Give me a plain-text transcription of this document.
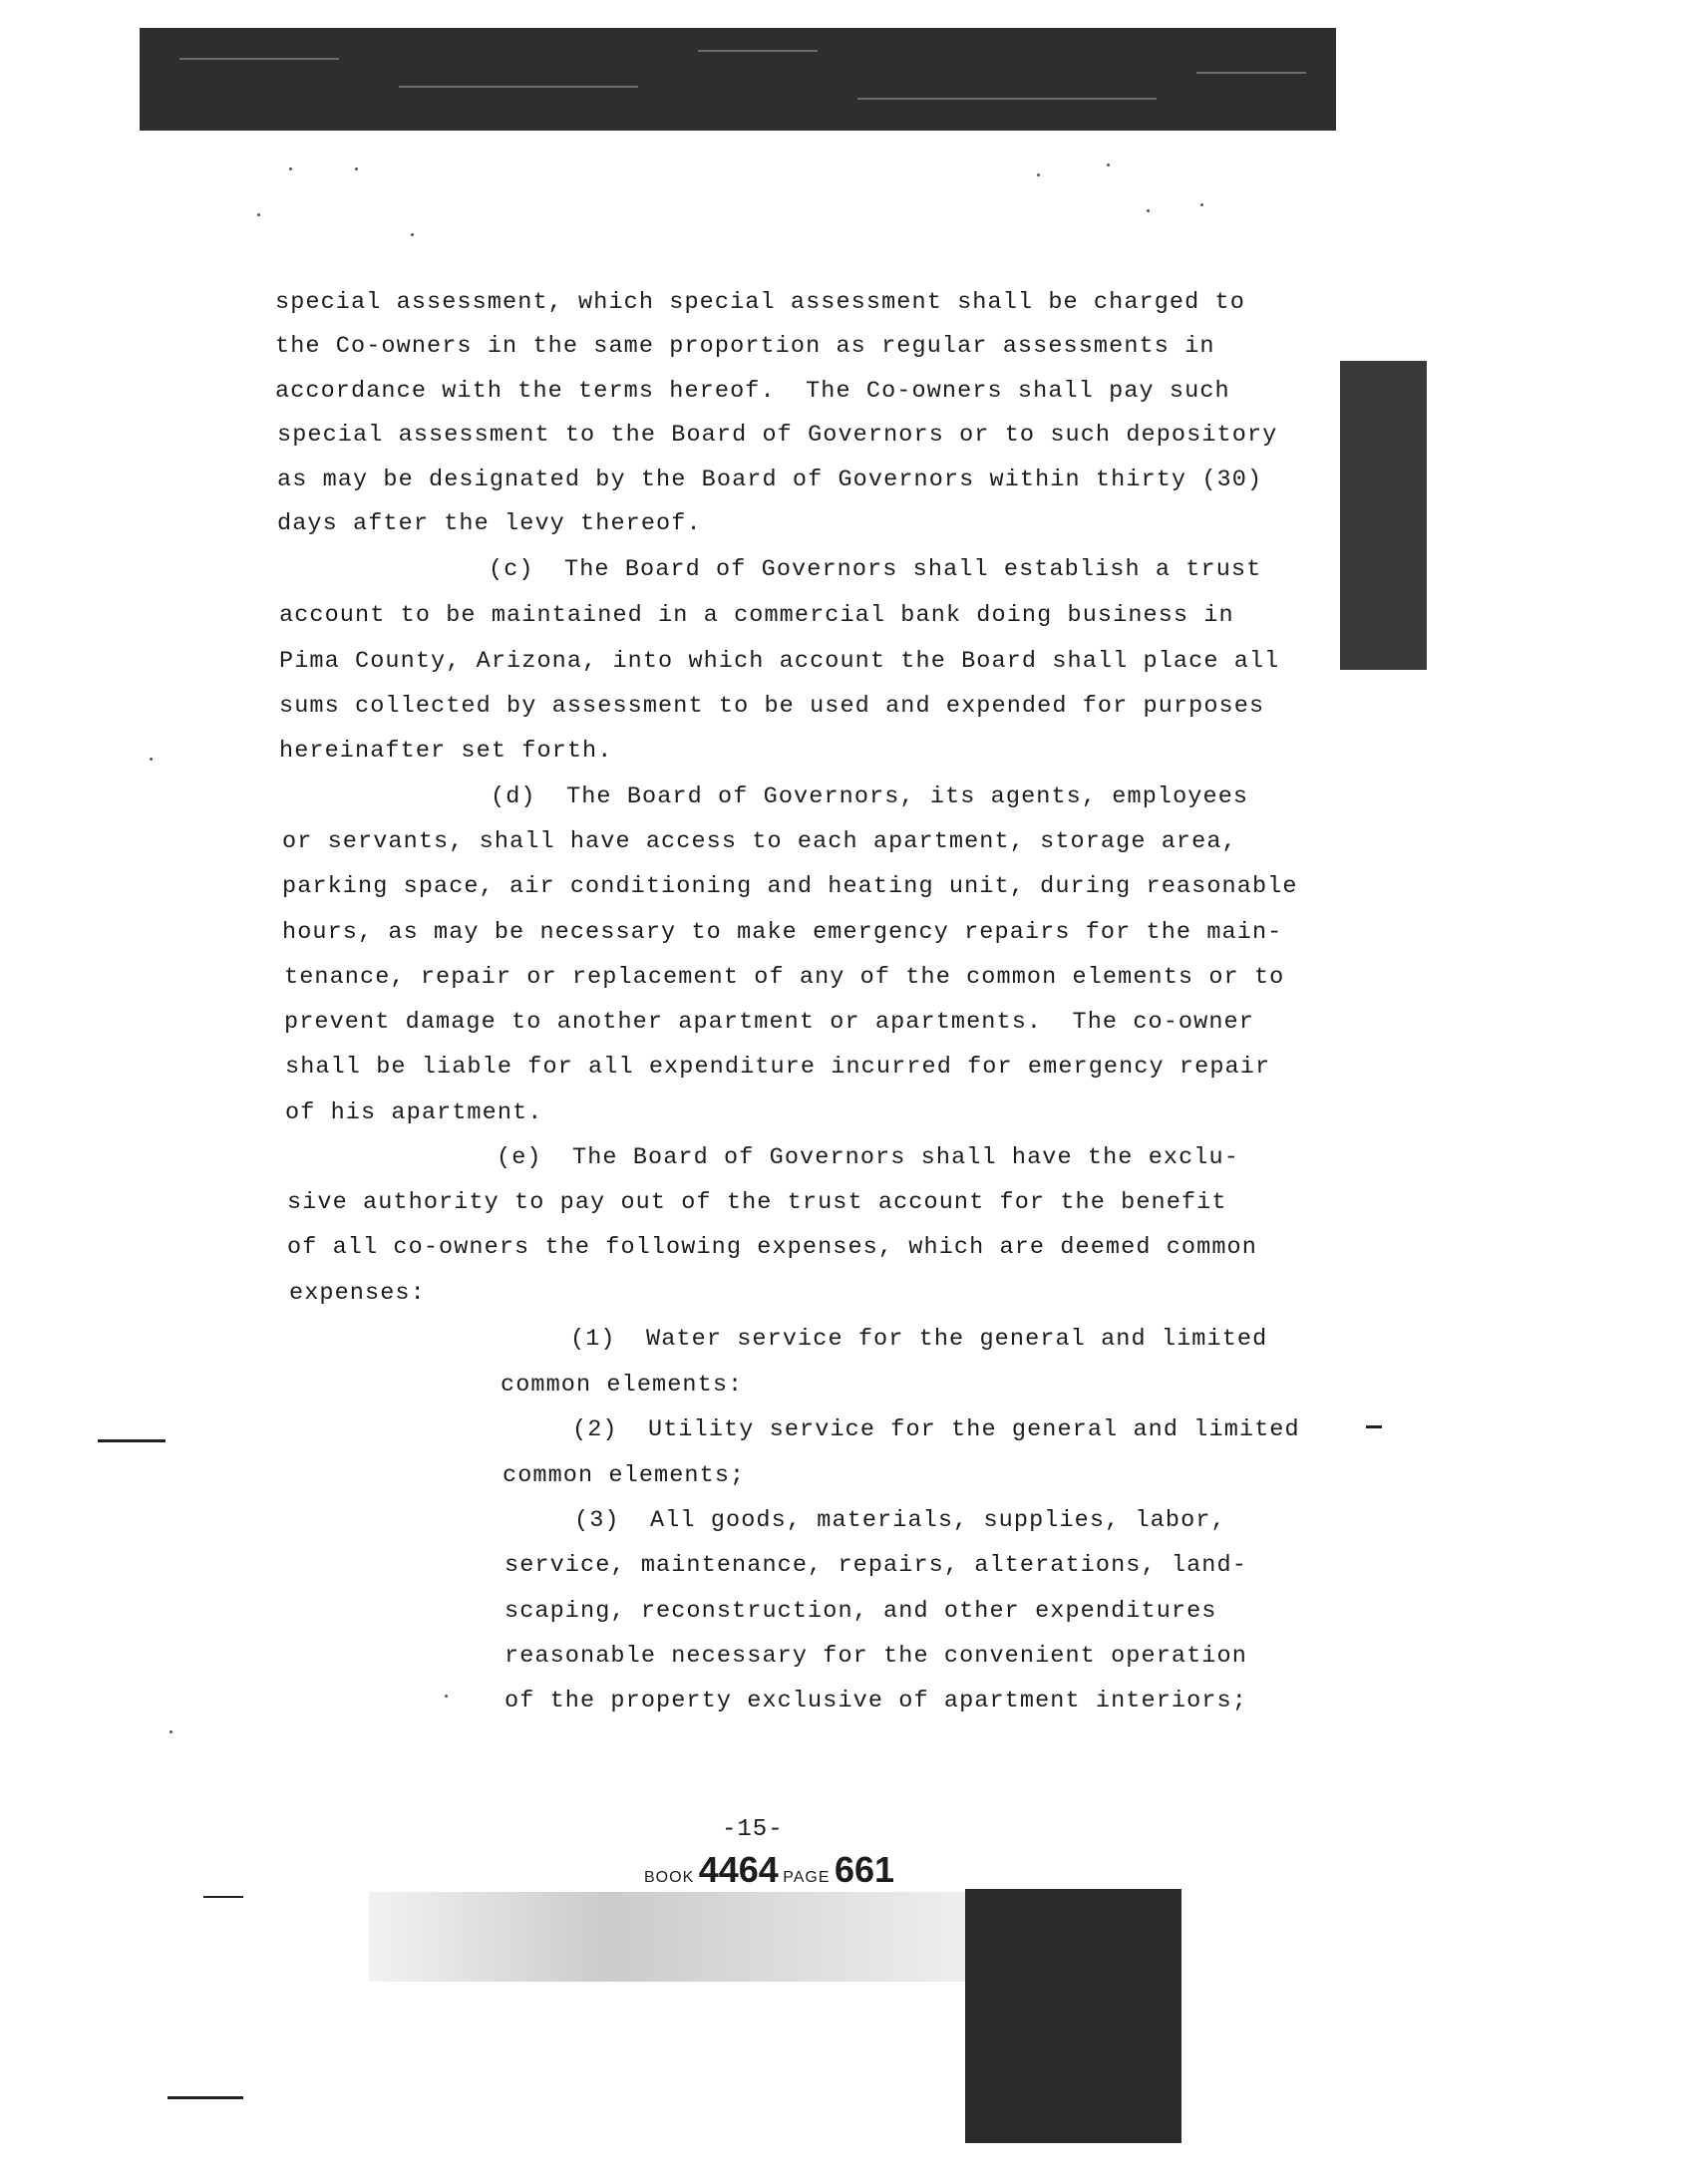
special assessment, which special assessment shall be charged to
the Co-owners in the same proportion as regular assessments in
accordance with the terms hereof.  The Co-owners shall pay such
special assessment to the Board of Governors or to such depository
as may be designated by the Board of Governors within thirty (30)
days after the levy thereof.
(c)  The Board of Governors shall establish a trust
account to be maintained in a commercial bank doing business in
Pima County, Arizona, into which account the Board shall place all
sums collected by assessment to be used and expended for purposes
hereinafter set forth.
(d)  The Board of Governors, its agents, employees
or servants, shall have access to each apartment, storage area,
parking space, air conditioning and heating unit, during reasonable
hours, as may be necessary to make emergency repairs for the main-
tenance, repair or replacement of any of the common elements or to
prevent damage to another apartment or apartments.  The co-owner
shall be liable for all expenditure incurred for emergency repair
of his apartment.
(e)  The Board of Governors shall have the exclu-
sive authority to pay out of the trust account for the benefit
of all co-owners the following expenses, which are deemed common
expenses:
(1)  Water service for the general and limited
common elements:
(2)  Utility service for the general and limited
common elements;
(3)  All goods, materials, supplies, labor,
service, maintenance, repairs, alterations, land-
scaping, reconstruction, and other expenditures
reasonable necessary for the convenient operation
of the property exclusive of apartment interiors;
-15-
BOOK 4464 PAGE 661
